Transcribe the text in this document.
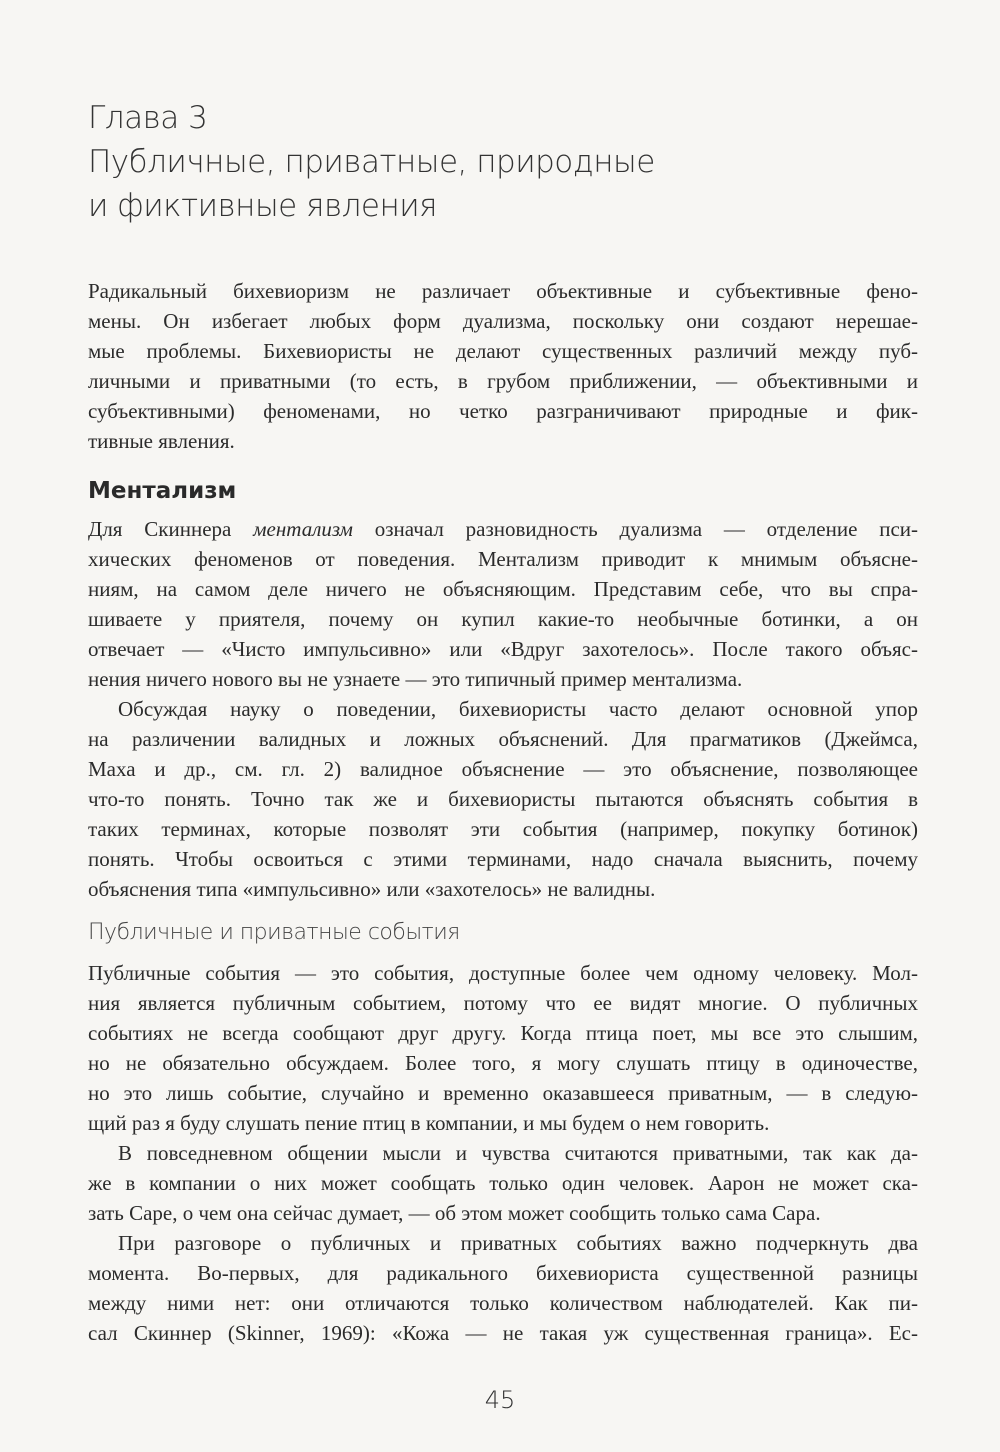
Глава 3
Публичные, приватные, природные
и фиктивные явления
Радикальный бихевиоризм не различает объективные и субъективные фено-
мены. Он избегает любых форм дуализма, поскольку они создают нерешае-
мые проблемы. Бихевиористы не делают существенных различий между пуб-
личными и приватными (то есть, в грубом приближении, — объективными и
субъективными) феноменами, но четко разграничивают природные и фик-
тивные явления.
Ментализм
Для Скиннера ментализм означал разновидность дуализма — отделение пси-
хических феноменов от поведения. Ментализм приводит к мнимым объясне-
ниям, на самом деле ничего не объясняющим. Представим себе, что вы спра-
шиваете у приятеля, почему он купил какие-то необычные ботинки, а он
отвечает — «Чисто импульсивно» или «Вдруг захотелось». После такого объяс-
нения ничего нового вы не узнаете — это типичный пример ментализма.
Обсуждая науку о поведении, бихевиористы часто делают основной упор
на различении валидных и ложных объяснений. Для прагматиков (Джеймса,
Маха и др., см. гл. 2) валидное объяснение — это объяснение, позволяющее
что-то понять. Точно так же и бихевиористы пытаются объяснять события в
таких терминах, которые позволят эти события (например, покупку ботинок)
понять. Чтобы освоиться с этими терминами, надо сначала выяснить, почему
объяснения типа «импульсивно» или «захотелось» не валидны.
Публичные и приватные события
Публичные события — это события, доступные более чем одному человеку. Мол-
ния является публичным событием, потому что ее видят многие. О публичных
событиях не всегда сообщают друг другу. Когда птица поет, мы все это слышим,
но не обязательно обсуждаем. Более того, я могу слушать птицу в одиночестве,
но это лишь событие, случайно и временно оказавшееся приватным, — в следую-
щий раз я буду слушать пение птиц в компании, и мы будем о нем говорить.
В повседневном общении мысли и чувства считаются приватными, так как да-
же в компании о них может сообщать только один человек. Аарон не может ска-
зать Саре, о чем она сейчас думает, — об этом может сообщить только сама Сара.
При разговоре о публичных и приватных событиях важно подчеркнуть два
момента. Во-первых, для радикального бихевиориста существенной разницы
между ними нет: они отличаются только количеством наблюдателей. Как пи-
сал Скиннер (Skinner, 1969): «Кожа — не такая уж существенная граница». Ес-
45
